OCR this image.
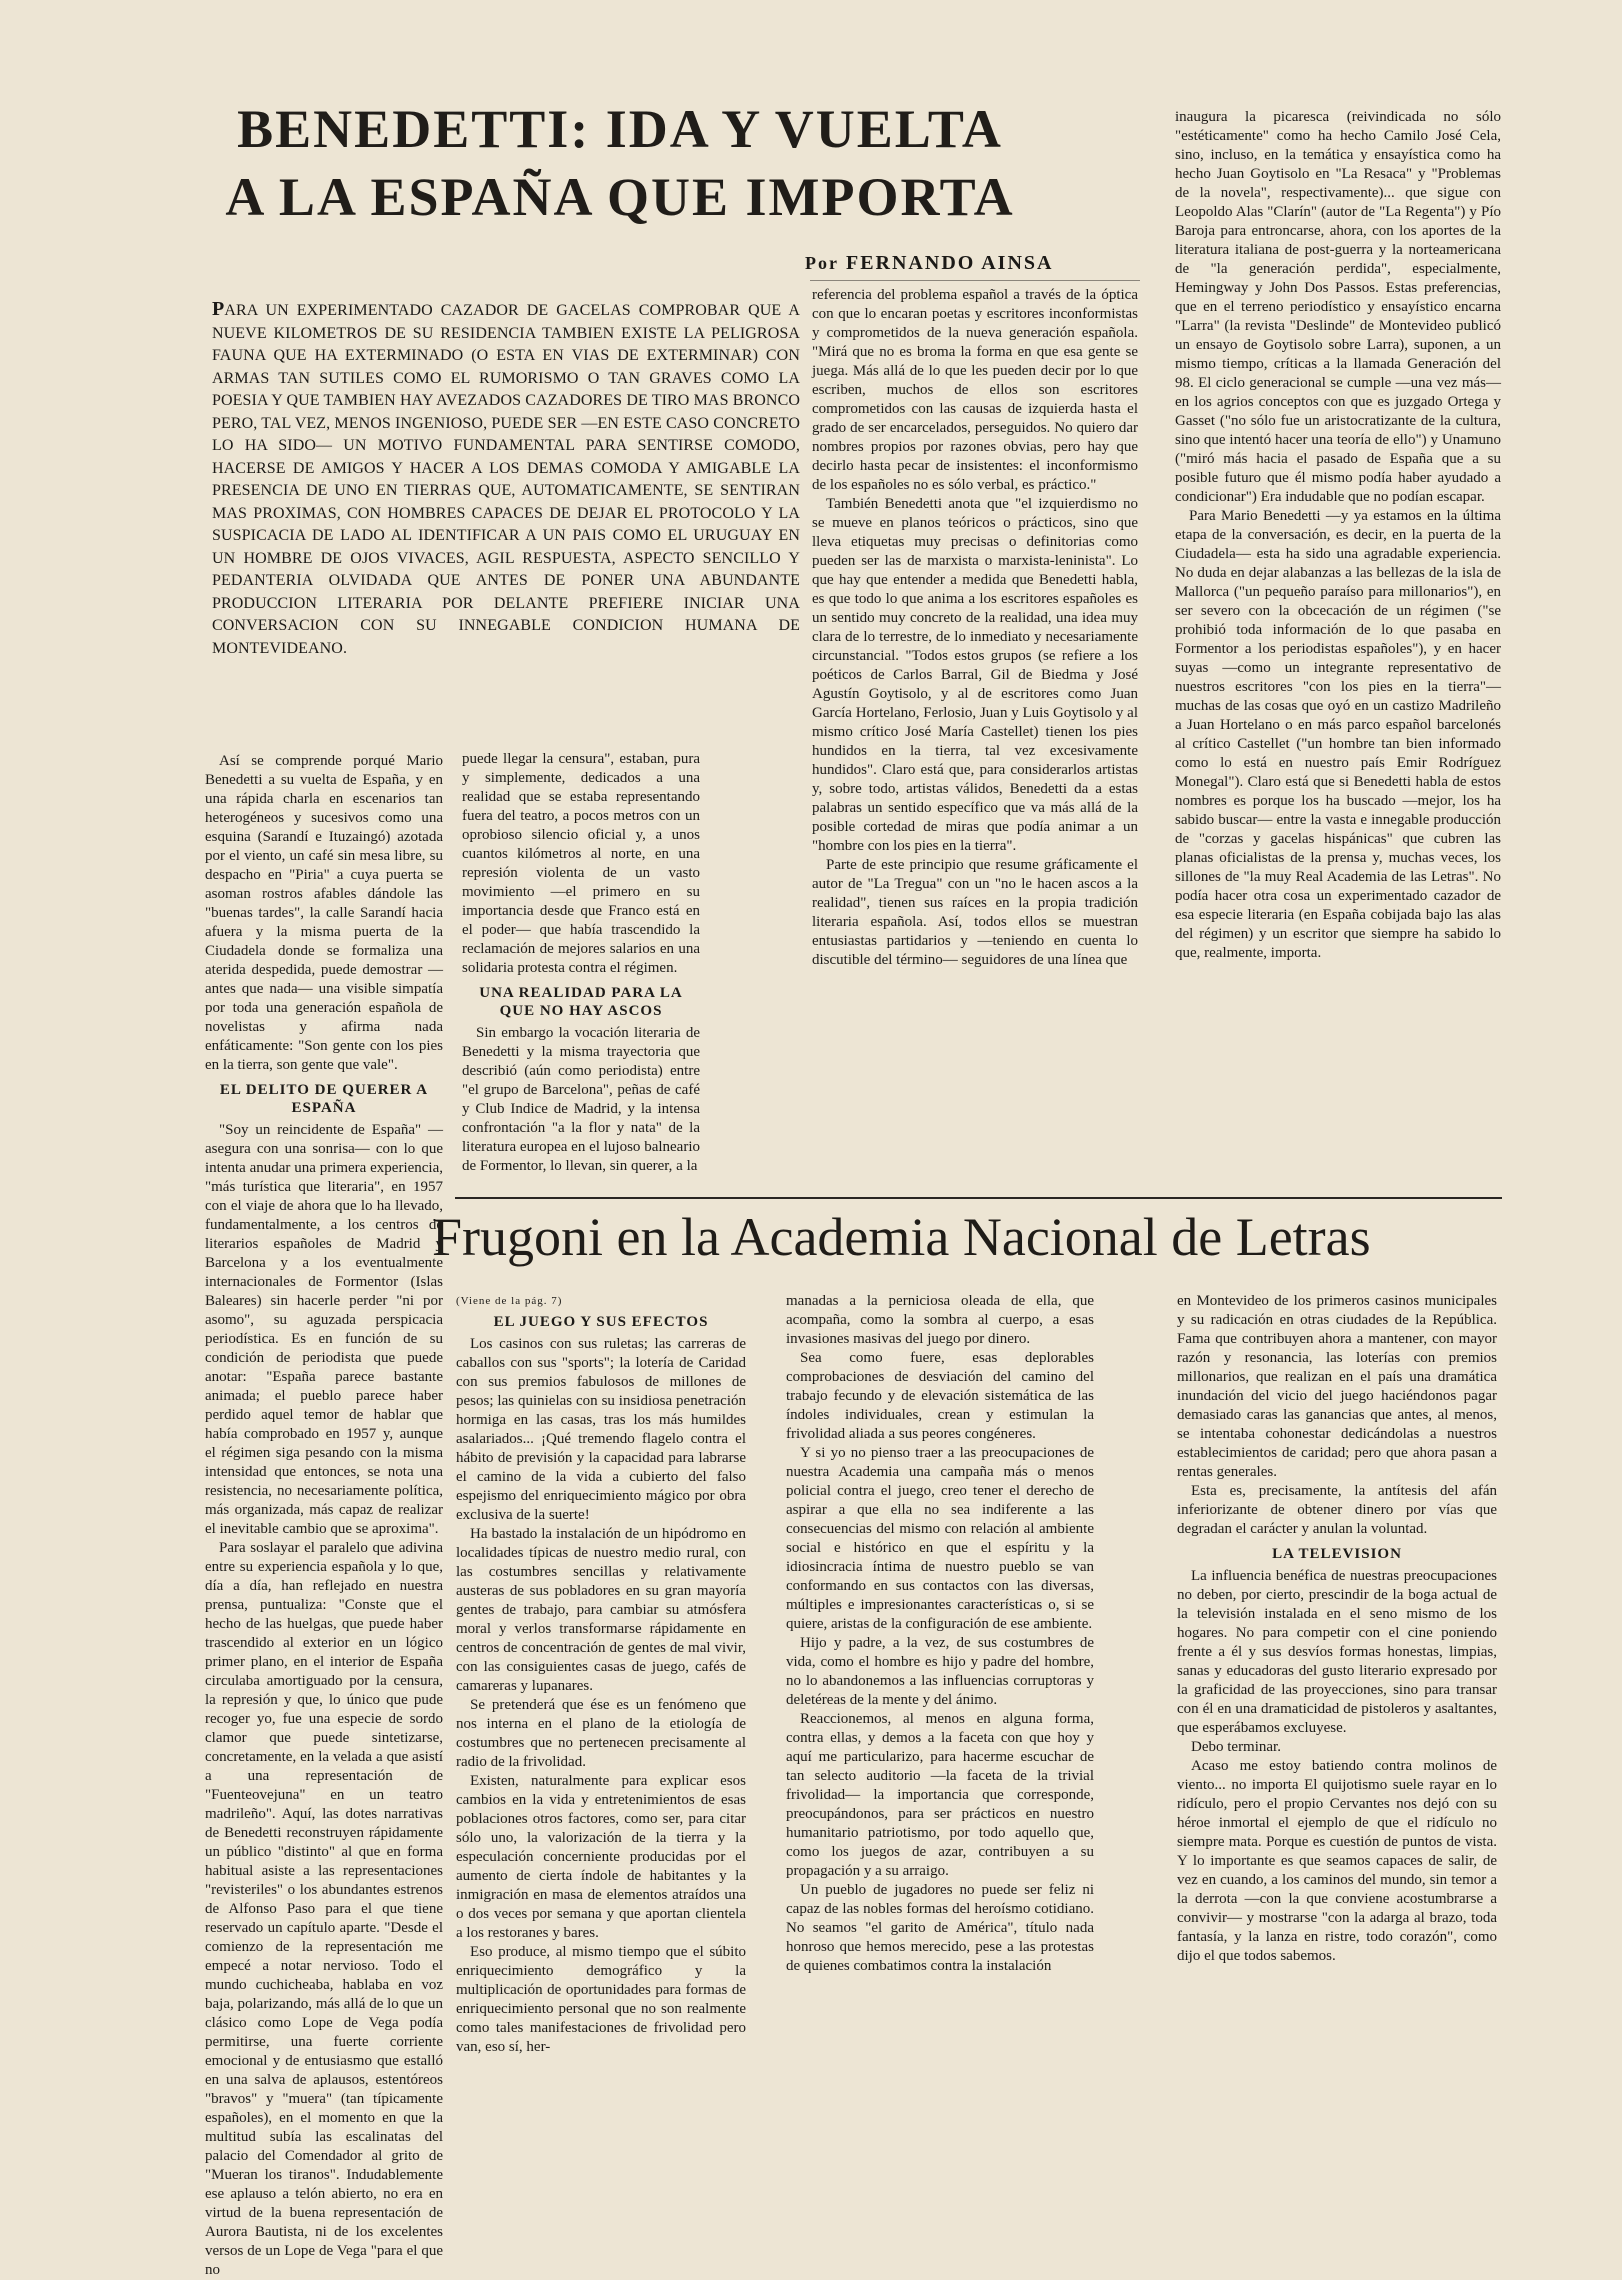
BENEDETTI: IDA Y VUELTA
A LA ESPAÑA QUE IMPORTA
Por FERNANDO AINSA
PARA UN EXPERIMENTADO CAZADOR DE GACELAS COMPROBAR QUE A NUEVE KILOMETROS DE SU RESIDENCIA TAMBIEN EXISTE LA PELIGROSA FAUNA QUE HA EXTERMINADO (O ESTA EN VIAS DE EXTERMINAR) CON ARMAS TAN SUTILES COMO EL RUMORISMO O TAN GRAVES COMO LA POESIA Y QUE TAMBIEN HAY AVEZADOS CAZADORES DE TIRO MAS BRONCO PERO, TAL VEZ, MENOS INGENIOSO, PUEDE SER —EN ESTE CASO CONCRETO LO HA SIDO— UN MOTIVO FUNDAMENTAL PARA SENTIRSE COMODO, HACERSE DE AMIGOS Y HACER A LOS DEMAS COMODA Y AMIGABLE LA PRESENCIA DE UNO EN TIERRAS QUE, AUTOMATICAMENTE, SE SENTIRAN MAS PROXIMAS, CON HOMBRES CAPACES DE DEJAR EL PROTOCOLO Y LA SUSPICACIA DE LADO AL IDENTIFICAR A UN PAIS COMO EL URUGUAY EN UN HOMBRE DE OJOS VIVACES, AGIL RESPUESTA, ASPECTO SENCILLO Y PEDANTERIA OLVIDADA QUE ANTES DE PONER UNA ABUNDANTE PRODUCCION LITERARIA POR DELANTE PREFIERE INICIAR UNA CONVERSACION CON SU INNEGABLE CONDICION HUMANA DE MONTEVIDEANO.

Así se comprende porqué Mario Benedetti a su vuelta de España, y en una rápida charla en escenarios tan heterogéneos y sucesivos como una esquina (Sarandí e Ituzaingó) azotada por el viento, un café sin mesa libre, su despacho en "Piria" a cuya puerta se asoman rostros afables dándole las "buenas tardes", la calle Sarandí hacia afuera y la misma puerta de la Ciudadela donde se formaliza una aterida despedida, puede demostrar —antes que nada— una visible simpatía por toda una generación española de novelistas y afirma nada enfáticamente: "Son gente con los pies en la tierra, son gente que vale".

EL DELITO DE QUERER A ESPAÑA

"Soy un reincidente de España" —asegura con una sonrisa— con lo que intenta anudar una primera experiencia, "más turística que literaria", en 1957 con el viaje de ahora que lo ha llevado, fundamentalmente, a los centros de literarios españoles de Madrid y Barcelona y a los eventualmente internacionales de Formentor (Islas Baleares) sin hacerle perder "ni por asomo", su aguzada perspicacia periodística. Es en función de su condición de periodista que puede anotar: "España parece bastante animada; el pueblo parece haber perdido aquel temor de hablar que había comprobado en 1957 y, aunque el régimen siga pesando con la misma intensidad que entonces, se nota una resistencia, no necesariamente política, más organizada, más capaz de realizar el inevitable cambio que se aproxima".

Para soslayar el paralelo que adivina entre su experiencia española y lo que, día a día, han reflejado en nuestra prensa, puntualiza: "Conste que el hecho de las huelgas, que puede haber trascendido al exterior en un lógico primer plano, en el interior de España circulaba amortiguado por la censura, la represión y que, lo único que pude recoger yo, fue una especie de sordo clamor que puede sintetizarse, concretamente, en la velada a que asistí a una representación de "Fuenteovejuna" en un teatro madrileño". Aquí, las dotes narrativas de Benedetti reconstruyen rápidamente un público "distinto" al que en forma habitual asiste a las representaciones "revisteriles" o los abundantes estrenos de Alfonso Paso para el que tiene reservado un capítulo aparte. "Desde el comienzo de la representación me empecé a notar nervioso. Todo el mundo cuchicheaba, hablaba en voz baja, polarizando, más allá de lo que un clásico como Lope de Vega podía permitirse, una fuerte corriente emocional y de entusiasmo que estalló en una salva de aplausos, estentóreos "bravos" y "muera" (tan típicamente españoles), en el momento en que la multitud subía las escalinatas del palacio del Comendador al grito de "Mueran los tiranos". Indudablemente ese aplauso a telón abierto, no era en virtud de la buena representación de Aurora Bautista, ni de los excelentes versos de un Lope de Vega "para el que no

puede llegar la censura", estaban, pura y simplemente, dedicados a una realidad que se estaba representando fuera del teatro, a pocos metros con un oprobioso silencio oficial y, a unos cuantos kilómetros al norte, en una represión violenta de un vasto movimiento —el primero en su importancia desde que Franco está en el poder— que había trascendido la reclamación de mejores salarios en una solidaria protesta contra el régimen.

UNA REALIDAD PARA LA QUE NO HAY ASCOS

Sin embargo la vocación literaria de Benedetti y la misma trayectoria que describió (aún como periodista) entre "el grupo de Barcelona", peñas de café y Club Indice de Madrid, y la intensa confrontación "a la flor y nata" de la literatura europea en el lujoso balneario de Formentor, lo llevan, sin querer, a la

referencia del problema español a través de la óptica con que lo encaran poetas y escritores inconformistas y comprometidos de la nueva generación española. "Mirá que no es broma la forma en que esa gente se juega. Más allá de lo que les pueden decir por lo que escriben, muchos de ellos son escritores comprometidos con las causas de izquierda hasta el grado de ser encarcelados, perseguidos. No quiero dar nombres propios por razones obvias, pero hay que decirlo hasta pecar de insistentes: el inconformismo de los españoles no es sólo verbal, es práctico."

También Benedetti anota que "el izquierdismo no se mueve en planos teóricos o prácticos, sino que lleva etiquetas muy precisas o definitorias como pueden ser las de marxista o marxista-leninista". Lo que hay que entender a medida que Benedetti habla, es que todo lo que anima a los escritores españoles es un sentido muy concreto de la realidad, una idea muy clara de lo terrestre, de lo inmediato y necesariamente circunstancial. "Todos estos grupos (se refiere a los poéticos de Carlos Barral, Gil de Biedma y José Agustín Goytisolo, y al de escritores como Juan García Hortelano, Ferlosio, Juan y Luis Goytisolo y al mismo crítico José María Castellet) tienen los pies hundidos en la tierra, tal vez excesivamente hundidos". Claro está que, para considerarlos artistas y, sobre todo, artistas válidos, Benedetti da a estas palabras un sentido específico que va más allá de la posible cortedad de miras que podía animar a un "hombre con los pies en la tierra".

Parte de este principio que resume gráficamente el autor de "La Tregua" con un "no le hacen ascos a la realidad", tienen sus raíces en la propia tradición literaria española. Así, todos ellos se muestran entusiastas partidarios y —teniendo en cuenta lo discutible del término— seguidores de una línea que

inaugura la picaresca (reivindicada no sólo "estéticamente" como ha hecho Camilo José Cela, sino, incluso, en la temática y ensayística como ha hecho Juan Goytisolo en "La Resaca" y "Problemas de la novela", respectivamente)... que sigue con Leopoldo Alas "Clarín" (autor de "La Regenta") y Pío Baroja para entroncarse, ahora, con los aportes de la literatura italiana de post-guerra y la norteamericana de "la generación perdida", especialmente, Hemingway y John Dos Passos. Estas preferencias, que en el terreno periodístico y ensayístico encarna "Larra" (la revista "Deslinde" de Montevideo publicó un ensayo de Goytisolo sobre Larra), suponen, a un mismo tiempo, críticas a la llamada Generación del 98. El ciclo generacional se cumple —una vez más— en los agrios conceptos con que es juzgado Ortega y Gasset ("no sólo fue un aristocratizante de la cultura, sino que intentó hacer una teoría de ello") y Unamuno ("miró más hacia el pasado de España que a su posible futuro que él mismo podía haber ayudado a condicionar") Era indudable que no podían escapar.

Para Mario Benedetti —y ya estamos en la última etapa de la conversación, es decir, en la puerta de la Ciudadela— esta ha sido una agradable experiencia. No duda en dejar alabanzas a las bellezas de la isla de Mallorca ("un pequeño paraíso para millonarios"), en ser severo con la obcecación de un régimen ("se prohibió toda información de lo que pasaba en Formentor a los periodistas españoles"), y en hacer suyas —como un integrante representativo de nuestros escritores "con los pies en la tierra"— muchas de las cosas que oyó en un castizo Madrileño a Juan Hortelano o en más parco español barcelonés al crítico Castellet ("un hombre tan bien informado como lo está en nuestro país Emir Rodríguez Monegal"). Claro está que si Benedetti habla de estos nombres es porque los ha buscado —mejor, los ha sabido buscar— entre la vasta e innegable producción de "corzas y gacelas hispánicas" que cubren las planas oficialistas de la prensa y, muchas veces, los sillones de "la muy Real Academia de las Letras". No podía hacer otra cosa un experimentado cazador de esa especie literaria (en España cobijada bajo las alas del régimen) y un escritor que siempre ha sabido lo que, realmente, importa.

Frugoni en la Academia Nacional de Letras
(Viene de la pág. 7)
EL JUEGO Y SUS EFECTOS

Los casinos con sus ruletas; las carreras de caballos con sus "sports"; la lotería de Caridad con sus premios fabulosos de millones de pesos; las quinielas con su insidiosa penetración hormiga en las casas, tras los más humildes asalariados... ¡Qué tremendo flagelo contra el hábito de previsión y la capacidad para labrarse el camino de la vida a cubierto del falso espejismo del enriquecimiento mágico por obra exclusiva de la suerte!

Ha bastado la instalación de un hipódromo en localidades típicas de nuestro medio rural, con las costumbres sencillas y relativamente austeras de sus pobladores en su gran mayoría gentes de trabajo, para cambiar su atmósfera moral y verlos transformarse rápidamente en centros de concentración de gentes de mal vivir, con las consiguientes casas de juego, cafés de camareras y lupanares.

Se pretenderá que ése es un fenómeno que nos interna en el plano de la etiología de costumbres que no pertenecen precisamente al radio de la frivolidad.

Existen, naturalmente para explicar esos cambios en la vida y entretenimientos de esas poblaciones otros factores, como ser, para citar sólo uno, la valorización de la tierra y la especulación concerniente producidas por el aumento de cierta índole de habitantes y la inmigración en masa de elementos atraídos una o dos veces por semana y que aportan clientela a los restoranes y bares.

Eso produce, al mismo tiempo que el súbito enriquecimiento demográfico y la multiplicación de oportunidades para formas de enriquecimiento personal que no son realmente como tales manifestaciones de frivolidad pero van, eso sí, her-

manadas a la perniciosa oleada de ella, que acompaña, como la sombra al cuerpo, a esas invasiones masivas del juego por dinero.

Sea como fuere, esas deplorables comprobaciones de desviación del camino del trabajo fecundo y de elevación sistemática de las índoles individuales, crean y estimulan la frivolidad aliada a sus peores congéneres.

Y si yo no pienso traer a las preocupaciones de nuestra Academia una campaña más o menos policial contra el juego, creo tener el derecho de aspirar a que ella no sea indiferente a las consecuencias del mismo con relación al ambiente social e histórico en que el espíritu y la idiosincracia íntima de nuestro pueblo se van conformando en sus contactos con las diversas, múltiples e impresionantes características o, si se quiere, aristas de la configuración de ese ambiente.

Hijo y padre, a la vez, de sus costumbres de vida, como el hombre es hijo y padre del hombre, no lo abandonemos a las influencias corruptoras y deletéreas de la mente y del ánimo.

Reaccionemos, al menos en alguna forma, contra ellas, y demos a la faceta con que hoy y aquí me particularizo, para hacerme escuchar de tan selecto auditorio —la faceta de la trivial frivolidad— la importancia que corresponde, preocupándonos, para ser prácticos en nuestro humanitario patriotismo, por todo aquello que, como los juegos de azar, contribuyen a su propagación y a su arraigo.

Un pueblo de jugadores no puede ser feliz ni capaz de las nobles formas del heroísmo cotidiano. No seamos "el garito de América", título nada honroso que hemos merecido, pese a las protestas de quienes combatimos contra la instalación

en Montevideo de los primeros casinos municipales y su radicación en otras ciudades de la República. Fama que contribuyen ahora a mantener, con mayor razón y resonancia, las loterías con premios millonarios, que realizan en el país una dramática inundación del vicio del juego haciéndonos pagar demasiado caras las ganancias que antes, al menos, se intentaba cohonestar dedicándolas a nuestros establecimientos de caridad; pero que ahora pasan a rentas generales.

Esta es, precisamente, la antítesis del afán inferiorizante de obtener dinero por vías que degradan el carácter y anulan la voluntad.

LA TELEVISION

La influencia benéfica de nuestras preocupaciones no deben, por cierto, prescindir de la boga actual de la televisión instalada en el seno mismo de los hogares. No para competir con el cine poniendo frente a él y sus desvíos formas honestas, limpias, sanas y educadoras del gusto literario expresado por la graficidad de las proyecciones, sino para transar con él en una dramaticidad de pistoleros y asaltantes, que esperábamos excluyese.

Debo terminar.

Acaso me estoy batiendo contra molinos de viento... no importa El quijotismo suele rayar en lo ridículo, pero el propio Cervantes nos dejó con su héroe inmortal el ejemplo de que el ridículo no siempre mata. Porque es cuestión de puntos de vista. Y lo importante es que seamos capaces de salir, de vez en cuando, a los caminos del mundo, sin temor a la derrota —con la que conviene acostumbrarse a convivir— y mostrarse "con la adarga al brazo, toda fantasía, y la lanza en ristre, todo corazón", como dijo el que todos sabemos.
